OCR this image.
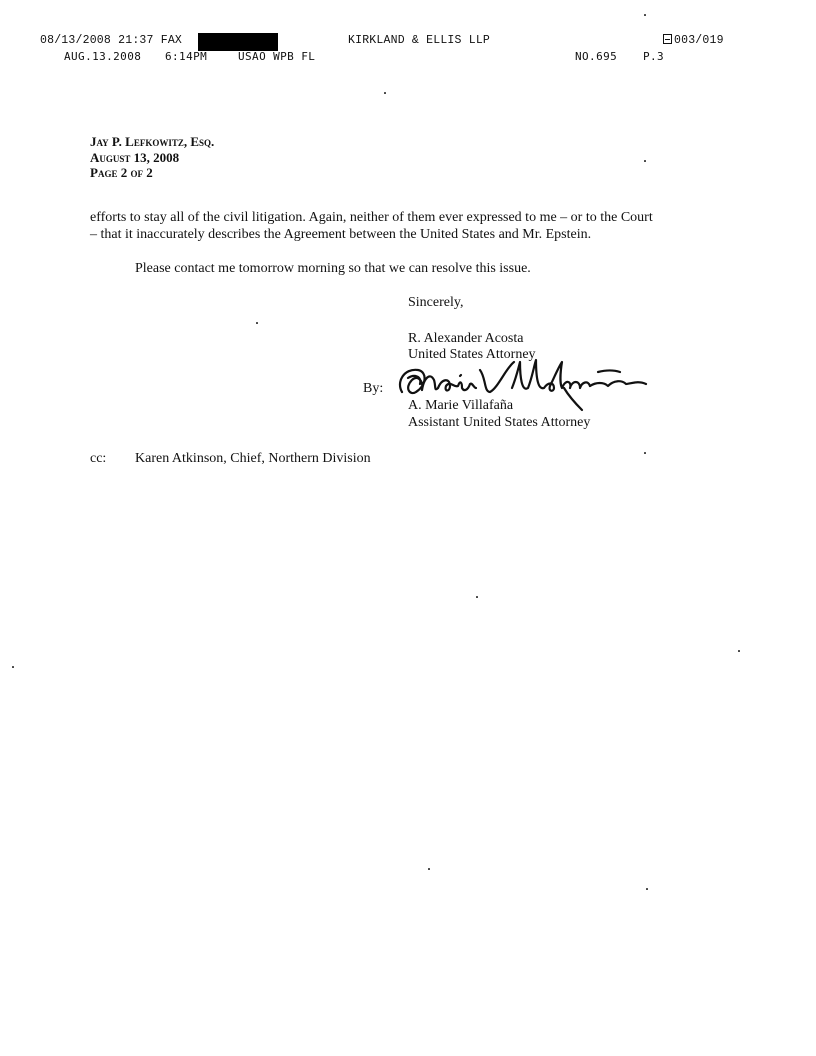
08/13/2008 21:37 FAX	KIRKLAND & ELLIS LLP	003/019
AUG.13.2008 6:14PM	USAO WPB FL	NO.695 P.3
Jay P. Lefkowitz, Esq.
August 13, 2008
Page 2 of 2
efforts to stay all of the civil litigation. Again, neither of them ever expressed to me – or to the Court
– that it inaccurately describes the Agreement between the United States and Mr. Epstein.
Please contact me tomorrow morning so that we can resolve this issue.
Sincerely,
R. Alexander Acosta
United States Attorney
By:
A. Marie Villafaña
Assistant United States Attorney
cc: Karen Atkinson, Chief, Northern Division
